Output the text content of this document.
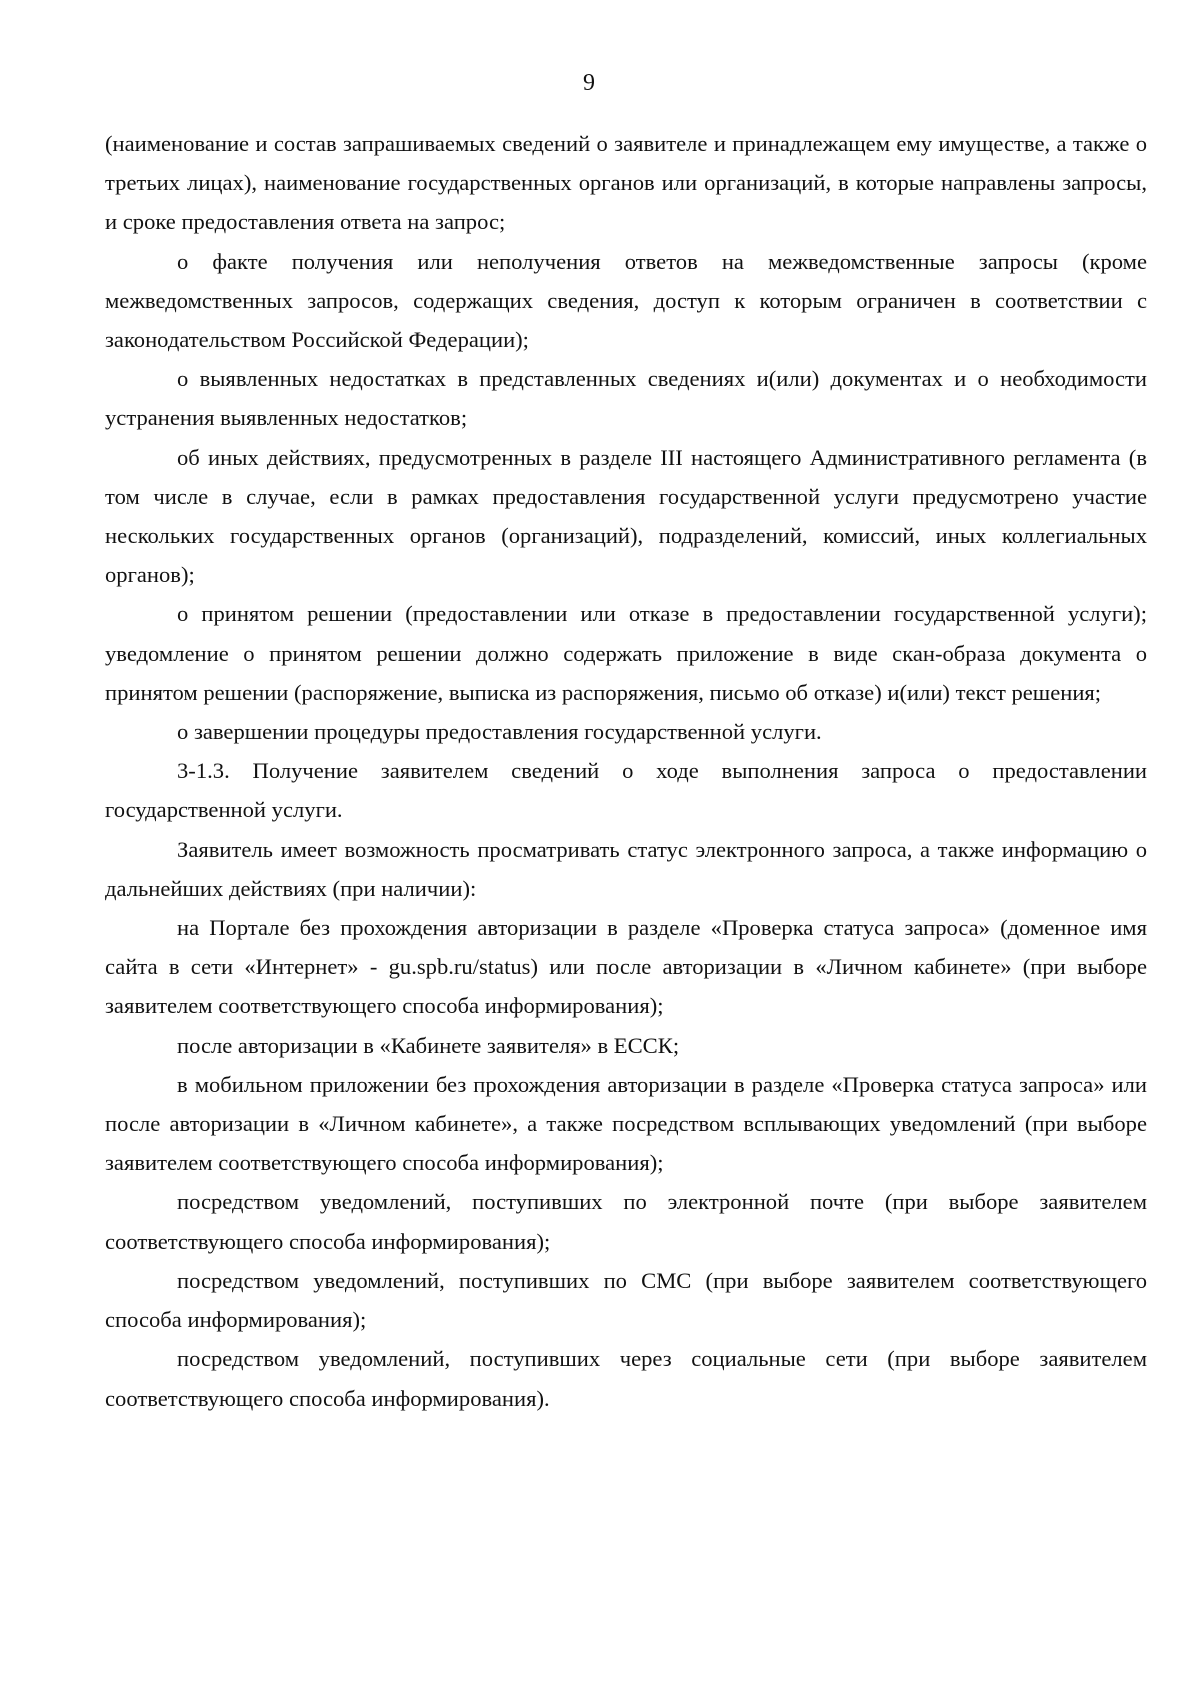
9

(наименование и состав запрашиваемых сведений о заявителе и принадлежащем ему имуществе, а также о третьих лицах), наименование государственных органов или организаций, в которые направлены запросы, и сроке предоставления ответа на запрос;

о факте получения или неполучения ответов на межведомственные запросы (кроме межведомственных запросов, содержащих сведения, доступ к которым ограничен в соответствии с законодательством Российской Федерации);

о выявленных недостатках в представленных сведениях и(или) документах и о необходимости устранения выявленных недостатков;

об иных действиях, предусмотренных в разделе III настоящего Административного регламента (в том числе в случае, если в рамках предоставления государственной услуги предусмотрено участие нескольких государственных органов (организаций), подразделений, комиссий, иных коллегиальных органов);

о принятом решении (предоставлении или отказе в предоставлении государственной услуги); уведомление о принятом решении должно содержать приложение в виде скан-образа документа о принятом решении (распоряжение, выписка из распоряжения, письмо об отказе) и(или) текст решения;

о завершении процедуры предоставления государственной услуги.

3-1.3. Получение заявителем сведений о ходе выполнения запроса о предоставлении государственной услуги.

Заявитель имеет возможность просматривать статус электронного запроса, а также информацию о дальнейших действиях (при наличии):

на Портале без прохождения авторизации в разделе «Проверка статуса запроса» (доменное имя сайта в сети «Интернет» - gu.spb.ru/status) или после авторизации в «Личном кабинете» (при выборе заявителем соответствующего способа информирования);

после авторизации в «Кабинете заявителя» в ЕССК;

в мобильном приложении без прохождения авторизации в разделе «Проверка статуса запроса» или после авторизации в «Личном кабинете», а также посредством всплывающих уведомлений (при выборе заявителем соответствующего способа информирования);

посредством уведомлений, поступивших по электронной почте (при выборе заявителем соответствующего способа информирования);

посредством уведомлений, поступивших по СМС (при выборе заявителем соответствующего способа информирования);

посредством уведомлений, поступивших через социальные сети (при выборе заявителем соответствующего способа информирования).
